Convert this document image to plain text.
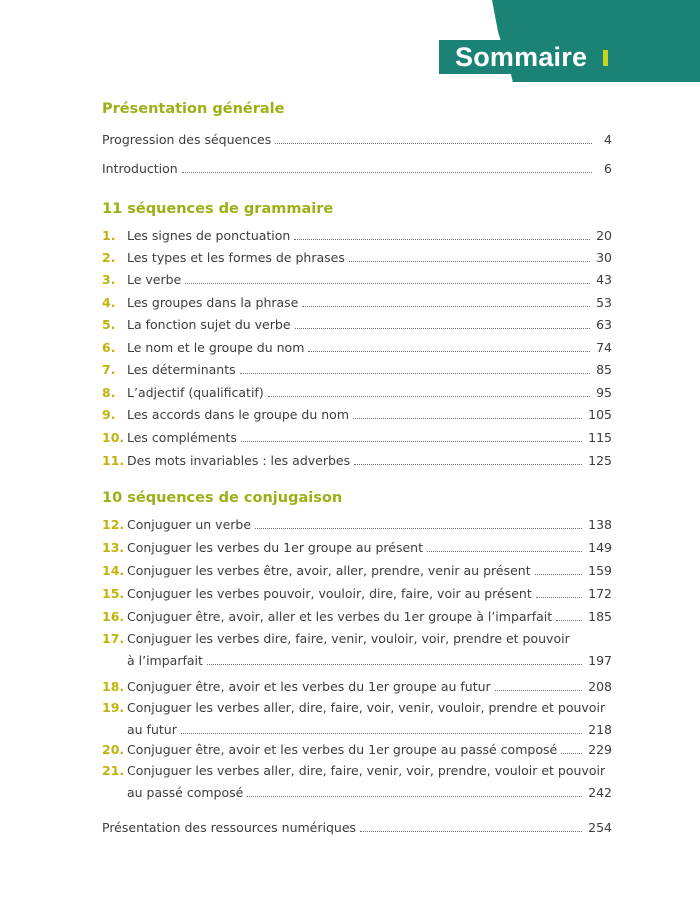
Sommaire
Présentation générale
Progression des séquences	4
Introduction	6
11 séquences de grammaire
1. Les signes de ponctuation	20
2. Les types et les formes de phrases	30
3. Le verbe	43
4. Les groupes dans la phrase	53
5. La fonction sujet du verbe	63
6. Le nom et le groupe du nom	74
7. Les déterminants	85
8. L’adjectif (qualificatif)	95
9. Les accords dans le groupe du nom	105
10. Les compléments	115
11. Des mots invariables : les adverbes	125
10 séquences de conjugaison
12. Conjuguer un verbe	138
13. Conjuguer les verbes du 1er groupe au présent	149
14. Conjuguer les verbes être, avoir, aller, prendre, venir au présent	159
15. Conjuguer les verbes pouvoir, vouloir, dire, faire, voir au présent	172
16. Conjuguer être, avoir, aller et les verbes du 1er groupe à l’imparfait	185
17. Conjuguer les verbes dire, faire, venir, vouloir, voir, prendre et pouvoir
à l’imparfait	197
18. Conjuguer être, avoir et les verbes du 1er groupe au futur	208
19. Conjuguer les verbes aller, dire, faire, voir, venir, vouloir, prendre et pouvoir
au futur	218
20. Conjuguer être, avoir et les verbes du 1er groupe au passé composé 229
21. Conjuguer les verbes aller, dire, faire, venir, voir, prendre, vouloir et pouvoir
au passé composé	242
Présentation des ressources numériques	254
